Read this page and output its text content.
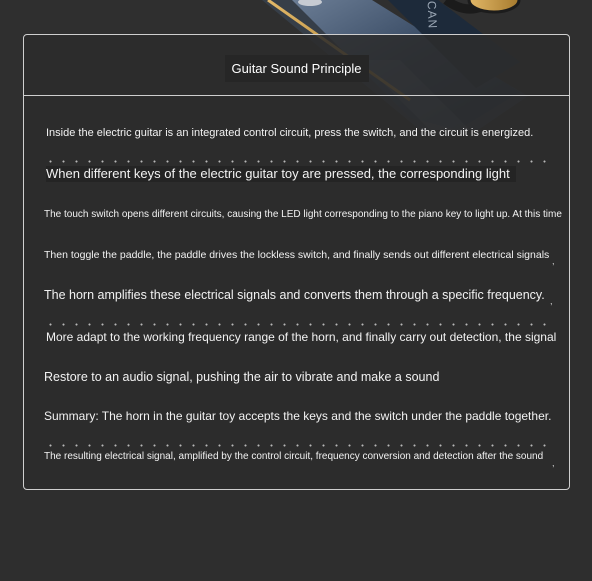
CAN
Guitar Sound Principle
Inside the electric guitar is an integrated control circuit, press the switch, and the circuit is energized.
When different keys of the electric guitar toy are pressed, the corresponding light
The touch switch opens different circuits, causing the LED light corresponding to the piano key to light up. At this time
Then toggle the paddle, the paddle drives the lockless switch, and finally sends out different electrical signals
The horn amplifies these electrical signals and converts them through a specific frequency.
More adapt to the working frequency range of the horn, and finally carry out detection, the signal
Restore to an audio signal, pushing the air to vibrate and make a sound
Summary: The horn in the guitar toy accepts the keys and the switch under the paddle together.
The resulting electrical signal, amplified by the control circuit, frequency conversion and detection after the sound
,
,
,
